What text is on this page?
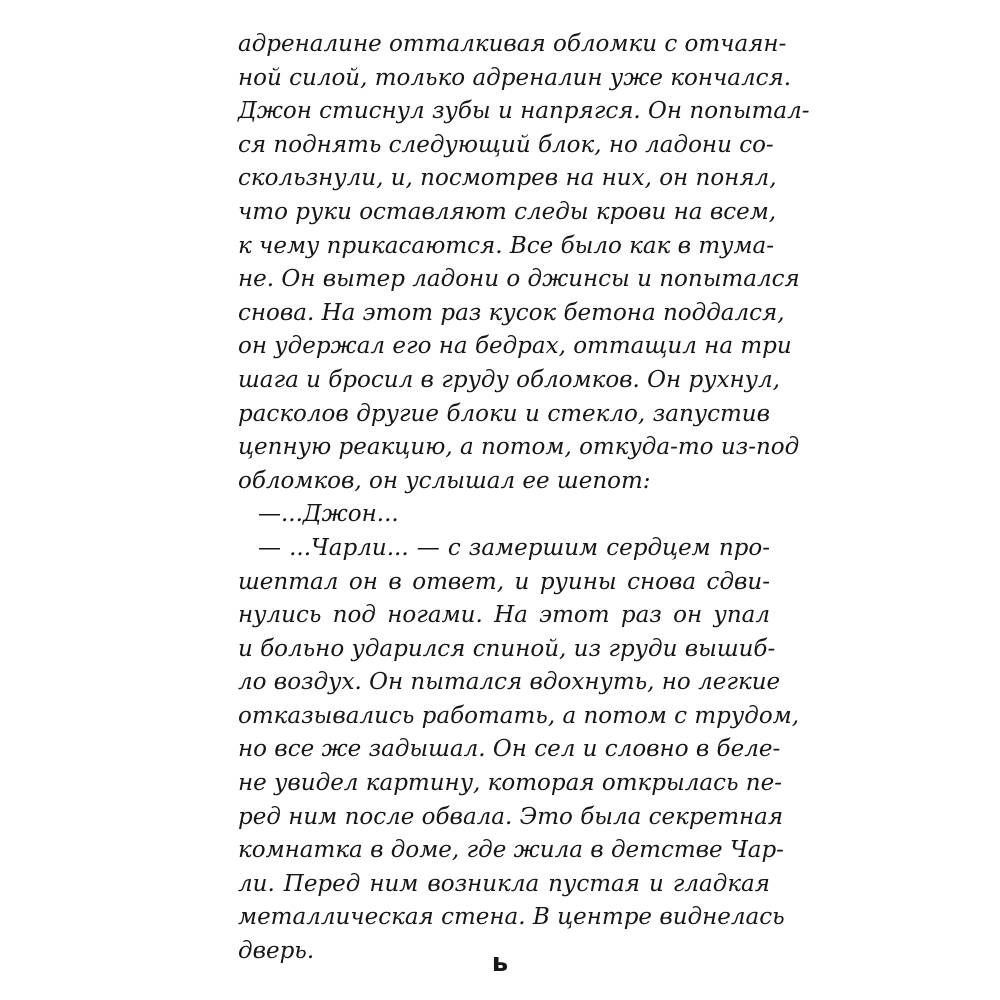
адреналине отталкивая обломки с отчаян-
ной силой, только адреналин уже кончался.
Джон стиснул зубы и напрягся. Он попытал-
ся поднять следующий блок, но ладони со-
скользнули, и, посмотрев на них, он понял,
что руки оставляют следы крови на всем,
к чему прикасаются. Все было как в тума-
не. Он вытер ладони о джинсы и попытался
снова. На этот раз кусок бетона поддался,
он удержал его на бедрах, оттащил на три
шага и бросил в груду обломков. Он рухнул,
расколов другие блоки и стекло, запустив
цепную реакцию, а потом, откуда-то из-под
обломков, он услышал ее шепот:
—...Джон...
— ...Чарли... — с замершим сердцем про-
шептал он в ответ, и руины снова сдви-
нулись под ногами. На этот раз он упал
и больно ударился спиной, из груди вышиб-
ло воздух. Он пытался вдохнуть, но легкие
отказывались работать, а потом с трудом,
но все же задышал. Он сел и словно в беле-
не увидел картину, которая открылась пе-
ред ним после обвала. Это была секретная
комнатка в доме, где жила в детстве Чар-
ли. Перед ним возникла пустая и гладкая
металлическая стена. В центре виднелась
дверь.	ь
